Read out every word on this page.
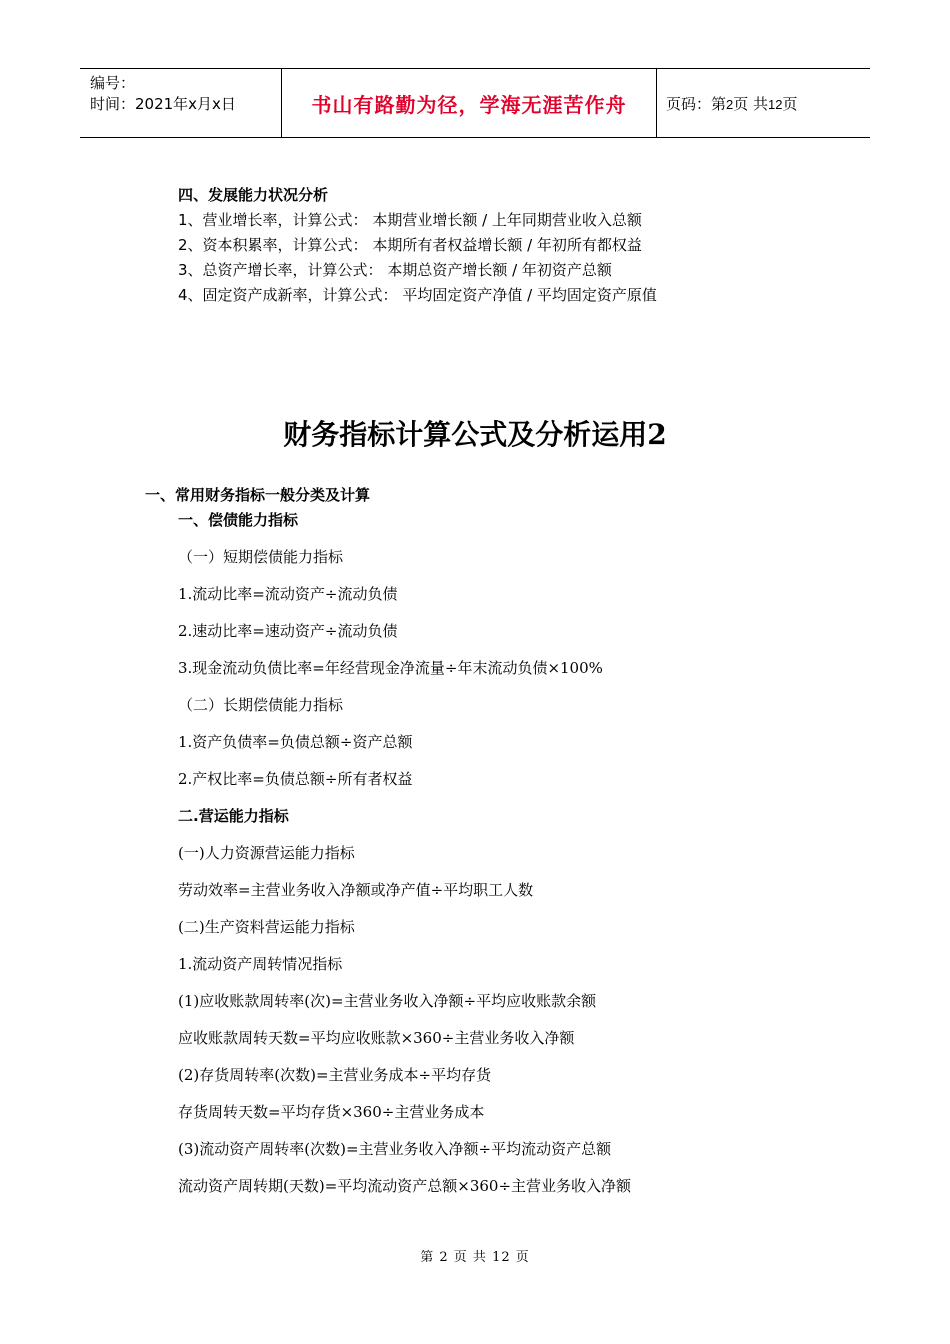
编号：
时间：2021年x月x日	书山有路勤为径，学海无涯苦作舟	页码：第2页 共12页
四、发展能力状况分析
1、营业增长率，计算公式： 本期营业增长额 / 上年同期营业收入总额
2、资本积累率，计算公式： 本期所有者权益增长额 / 年初所有都权益
3、总资产增长率，计算公式： 本期总资产增长额 / 年初资产总额
4、固定资产成新率，计算公式： 平均固定资产净值 / 平均固定资产原值
财务指标计算公式及分析运用2
一、常用财务指标一般分类及计算
一、偿债能力指标
（一）短期偿债能力指标
1.流动比率=流动资产÷流动负债
2.速动比率=速动资产÷流动负债
3.现金流动负债比率=年经营现金净流量÷年末流动负债×100%
（二）长期偿债能力指标
1.资产负债率=负债总额÷资产总额
2.产权比率=负债总额÷所有者权益
二.营运能力指标
(一)人力资源营运能力指标
劳动效率=主营业务收入净额或净产值÷平均职工人数
(二)生产资料营运能力指标
1.流动资产周转情况指标
(1)应收账款周转率(次)=主营业务收入净额÷平均应收账款余额
应收账款周转天数=平均应收账款×360÷主营业务收入净额
(2)存货周转率(次数)=主营业务成本÷平均存货
存货周转天数=平均存货×360÷主营业务成本
(3)流动资产周转率(次数)=主营业务收入净额÷平均流动资产总额
流动资产周转期(天数)=平均流动资产总额×360÷主营业务收入净额
第 2 页 共 12 页
